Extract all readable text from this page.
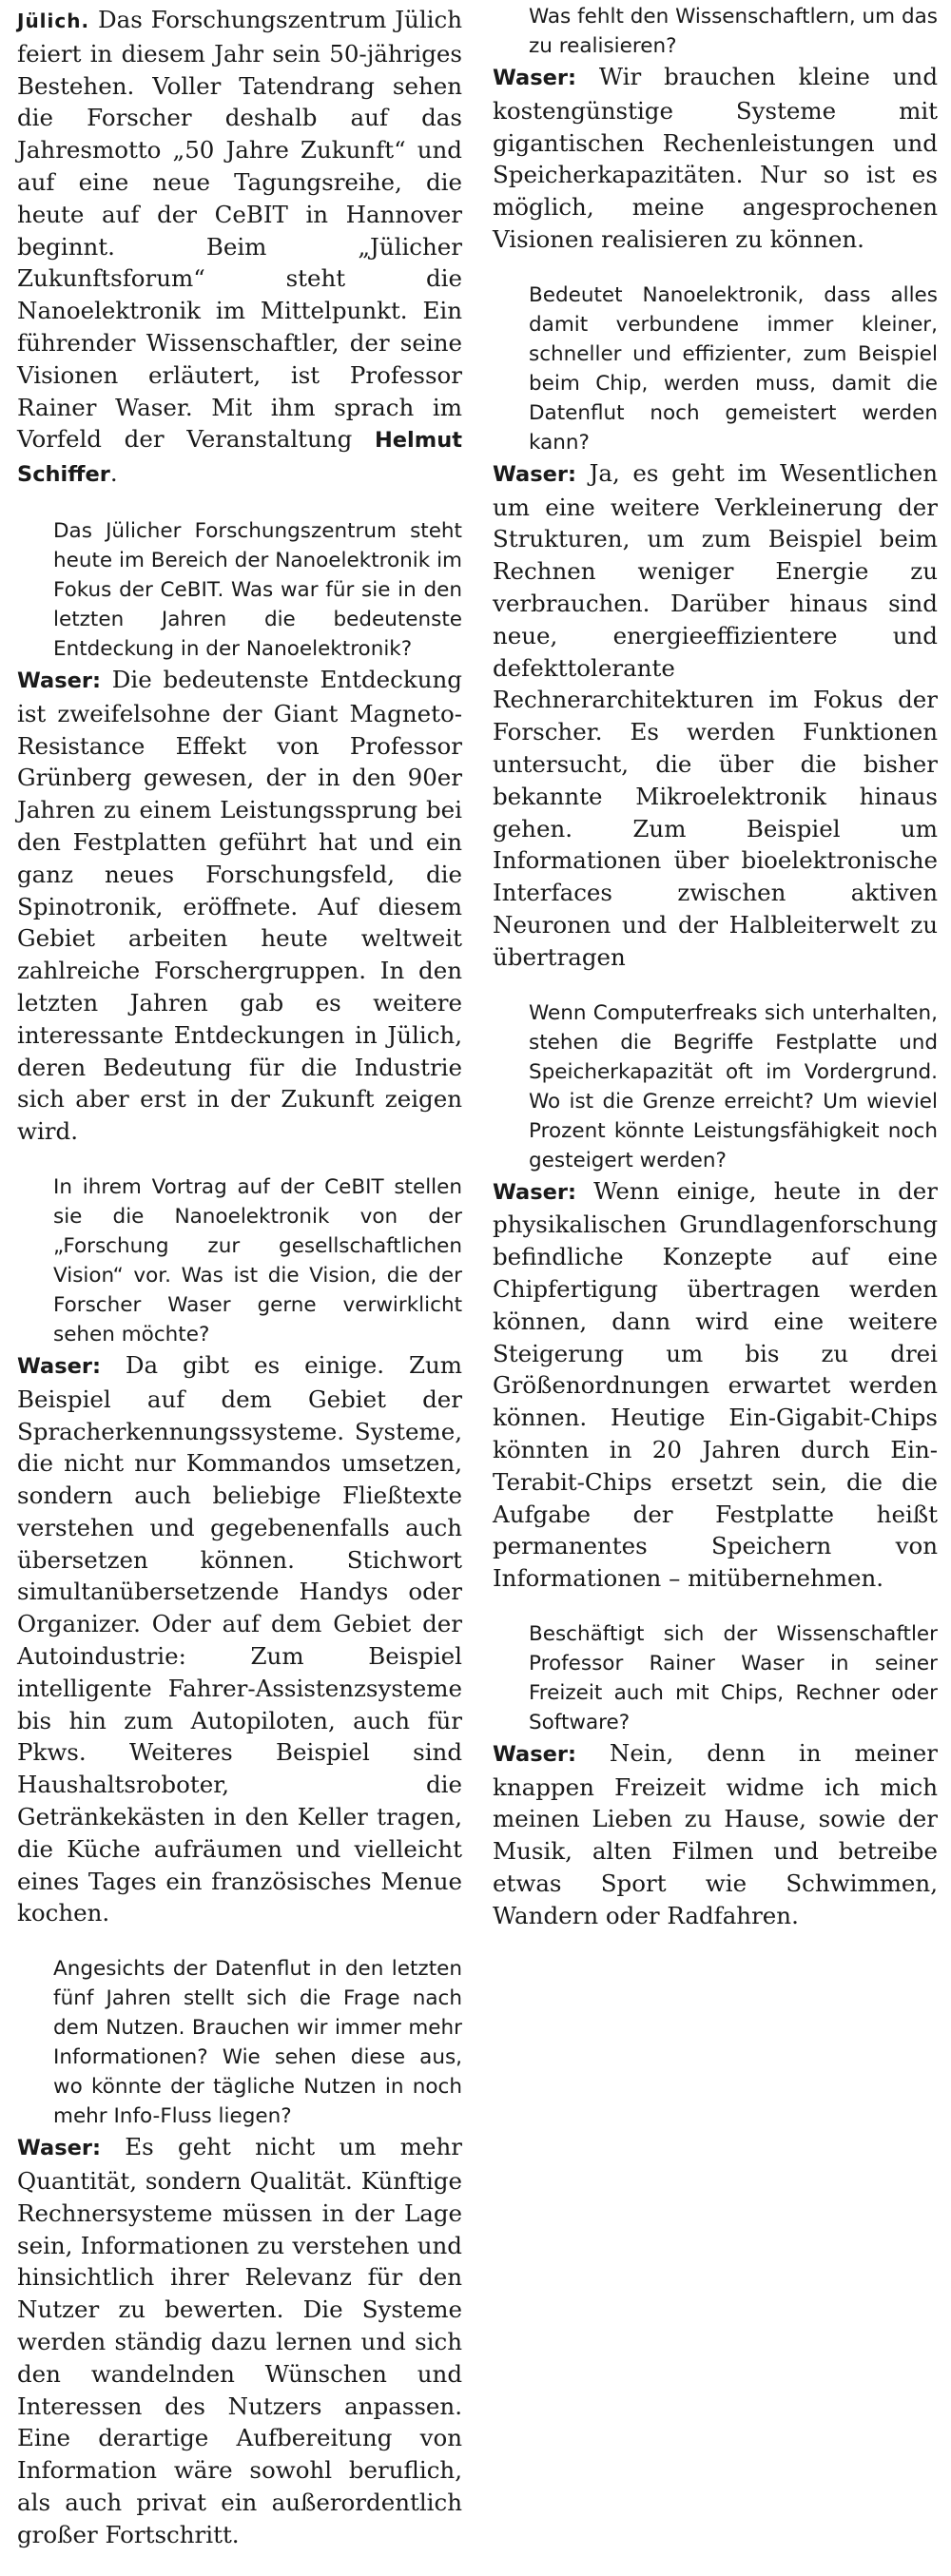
Jülich. Das Forschungszentrum Jülich feiert in diesem Jahr sein 50-jähriges Bestehen. Voller Tatendrang sehen die Forscher deshalb auf das Jahresmotto „50 Jahre Zukunft“ und auf eine neue Tagungsreihe, die heute auf der CeBIT in Hannover beginnt. Beim „Jülicher Zukunftsforum“ steht die Nanoelektronik im Mittelpunkt. Ein führender Wissenschaftler, der seine Visionen erläutert, ist Professor Rainer Waser. Mit ihm sprach im Vorfeld der Veranstaltung Helmut Schiffer.

Das Jülicher Forschungszentrum steht heute im Bereich der Nanoelektronik im Fokus der CeBIT. Was war für sie in den letzten Jahren die bedeutenste Entdeckung in der Nanoelektronik?

Waser: Die bedeutenste Entdeckung ist zweifelsohne der Giant Magneto-Resistance Effekt von Professor Grünberg gewesen, der in den 90er Jahren zu einem Leistungssprung bei den Festplatten geführt hat und ein ganz neues Forschungsfeld, die Spinotronik, eröffnete. Auf diesem Gebiet arbeiten heute weltweit zahlreiche Forschergruppen. In den letzten Jahren gab es weitere interessante Entdeckungen in Jülich, deren Bedeutung für die Industrie sich aber erst in der Zukunft zeigen wird.

In ihrem Vortrag auf der CeBIT stellen sie die Nanoelektronik von der „Forschung zur gesellschaftlichen Vision“ vor. Was ist die Vision, die der Forscher Waser gerne verwirklicht sehen möchte?

Waser: Da gibt es einige. Zum Beispiel auf dem Gebiet der Spracherkennungssysteme. Systeme, die nicht nur Kommandos umsetzen, sondern auch beliebige Fließtexte verstehen und gegebenenfalls auch übersetzen können. Stichwort simultanübersetzende Handys oder Organizer. Oder auf dem Gebiet der Autoindustrie: Zum Beispiel intelligente Fahrer-Assistenzsysteme bis hin zum Autopiloten, auch für Pkws. Weiteres Beispiel sind Haushaltsroboter, die Getränkekästen in den Keller tragen, die Küche aufräumen und vielleicht eines Tages ein französisches Menue kochen.

Angesichts der Datenflut in den letzten fünf Jahren stellt sich die Frage nach dem Nutzen. Brauchen wir immer mehr Informationen? Wie sehen diese aus, wo könnte der tägliche Nutzen in noch mehr Info-Fluss liegen?

Waser: Es geht nicht um mehr Quantität, sondern Qualität. Künftige Rechnersysteme müssen in der Lage sein, Informationen zu verstehen und hinsichtlich ihrer Relevanz für den Nutzer zu bewerten. Die Systeme werden ständig dazu lernen und sich den wandelnden Wünschen und Interessen des Nutzers anpassen. Eine derartige Aufbereitung von Information wäre sowohl beruflich, als auch privat ein außerordentlich großer Fortschritt.

Was fehlt den Wissenschaftlern, um das zu realisieren?

Waser: Wir brauchen kleine und kostengünstige Systeme mit gigantischen Rechenleistungen und Speicherkapazitäten. Nur so ist es möglich, meine angesprochenen Visionen realisieren zu können.

Bedeutet Nanoelektronik, dass alles damit verbundene immer kleiner, schneller und effizienter, zum Beispiel beim Chip, werden muss, damit die Datenflut noch gemeistert werden kann?

Waser: Ja, es geht im Wesentlichen um eine weitere Verkleinerung der Strukturen, um zum Beispiel beim Rechnen weniger Energie zu verbrauchen. Darüber hinaus sind neue, energieeffizientere und defekttolerante Rechnerarchitekturen im Fokus der Forscher. Es werden Funktionen untersucht, die über die bisher bekannte Mikroelektronik hinaus gehen. Zum Beispiel um Informationen über bioelektronische Interfaces zwischen aktiven Neuronen und der Halbleiterwelt zu übertragen

Wenn Computerfreaks sich unterhalten, stehen die Begriffe Festplatte und Speicherkapazität oft im Vordergrund. Wo ist die Grenze erreicht? Um wieviel Prozent könnte Leistungsfähigkeit noch gesteigert werden?

Waser: Wenn einige, heute in der physikalischen Grundlagenforschung befindliche Konzepte auf eine Chipfertigung übertragen werden können, dann wird eine weitere Steigerung um bis zu drei Größenordnungen erwartet werden können. Heutige Ein-Gigabit-Chips könnten in 20 Jahren durch Ein-Terabit-Chips ersetzt sein, die die Aufgabe der Festplatte heißt permanentes Speichern von Informationen – mitübernehmen.

Beschäftigt sich der Wissenschaftler Professor Rainer Waser in seiner Freizeit auch mit Chips, Rechner oder Software?

Waser: Nein, denn in meiner knappen Freizeit widme ich mich meinen Lieben zu Hause, sowie der Musik, alten Filmen und betreibe etwas Sport wie Schwimmen, Wandern oder Radfahren.
